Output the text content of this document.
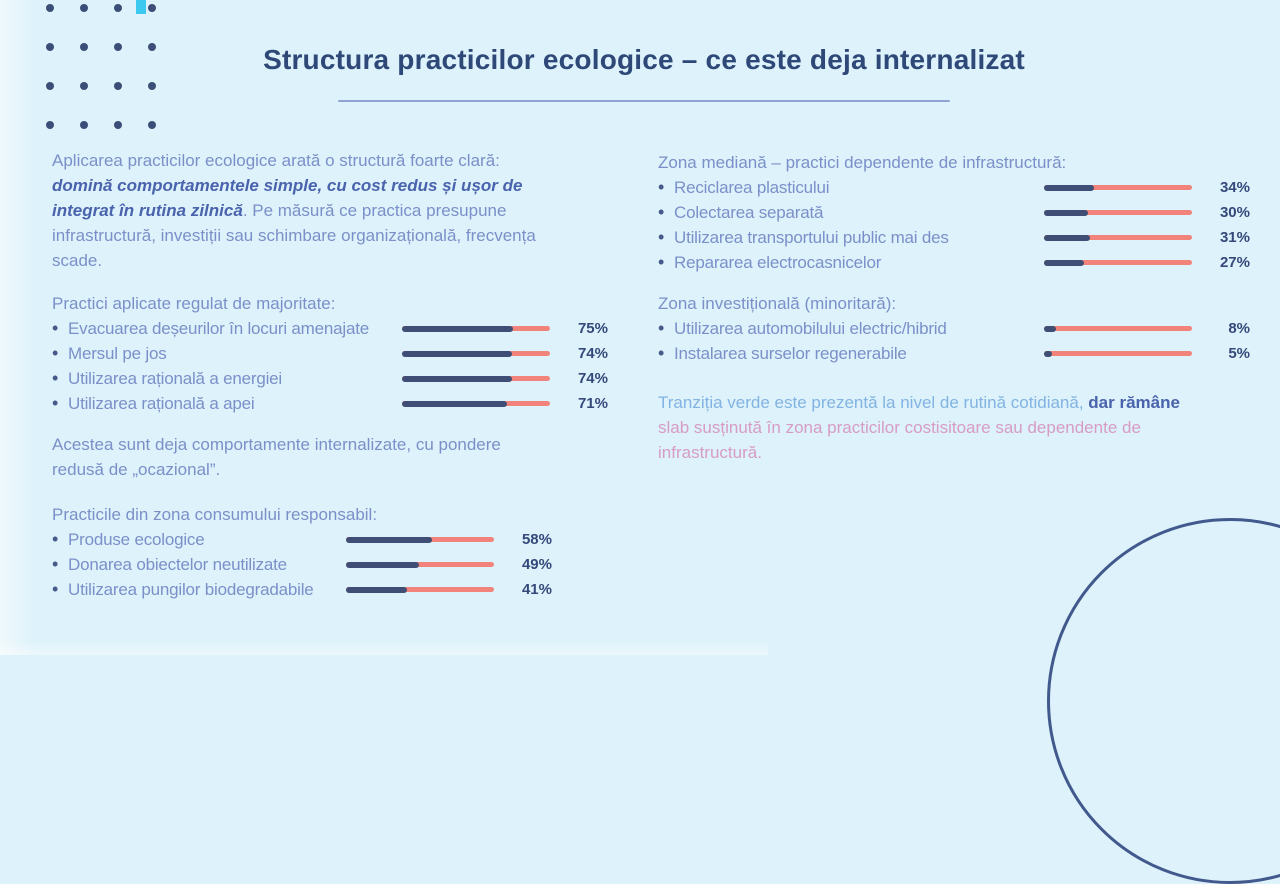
Structura practicilor ecologice – ce este deja internalizat
Aplicarea practicilor ecologice arată o structură foarte clară: domină comportamentele simple, cu cost redus și ușor de integrat în rutina zilnică. Pe măsură ce practica presupune infrastructură, investiții sau schimbare organizațională, frecvența scade.
Practici aplicate regulat de majoritate:
• Evacuarea deșeurilor în locuri amenajate	75%
• Mersul pe jos	74%
• Utilizarea rațională a energiei	74%
• Utilizarea rațională a apei	71%
Acestea sunt deja comportamente internalizate, cu pondere redusă de „ocazional”.
Practicile din zona consumului responsabil:
• Produse ecologice	58%
• Donarea obiectelor neutilizate	49%
• Utilizarea pungilor biodegradabile	41%
Zona mediană – practici dependente de infrastructură:
• Reciclarea plasticului	34%
• Colectarea separată	30%
• Utilizarea transportului public mai des	31%
• Repararea electrocasnicelor	27%
Zona investițională (minoritară):
• Utilizarea automobilului electric/hibrid	8%
• Instalarea surselor regenerabile	5%
Tranziția verde este prezentă la nivel de rutină cotidiană, dar rămâne slab susținută în zona practicilor costisitoare sau dependente de infrastructură.
